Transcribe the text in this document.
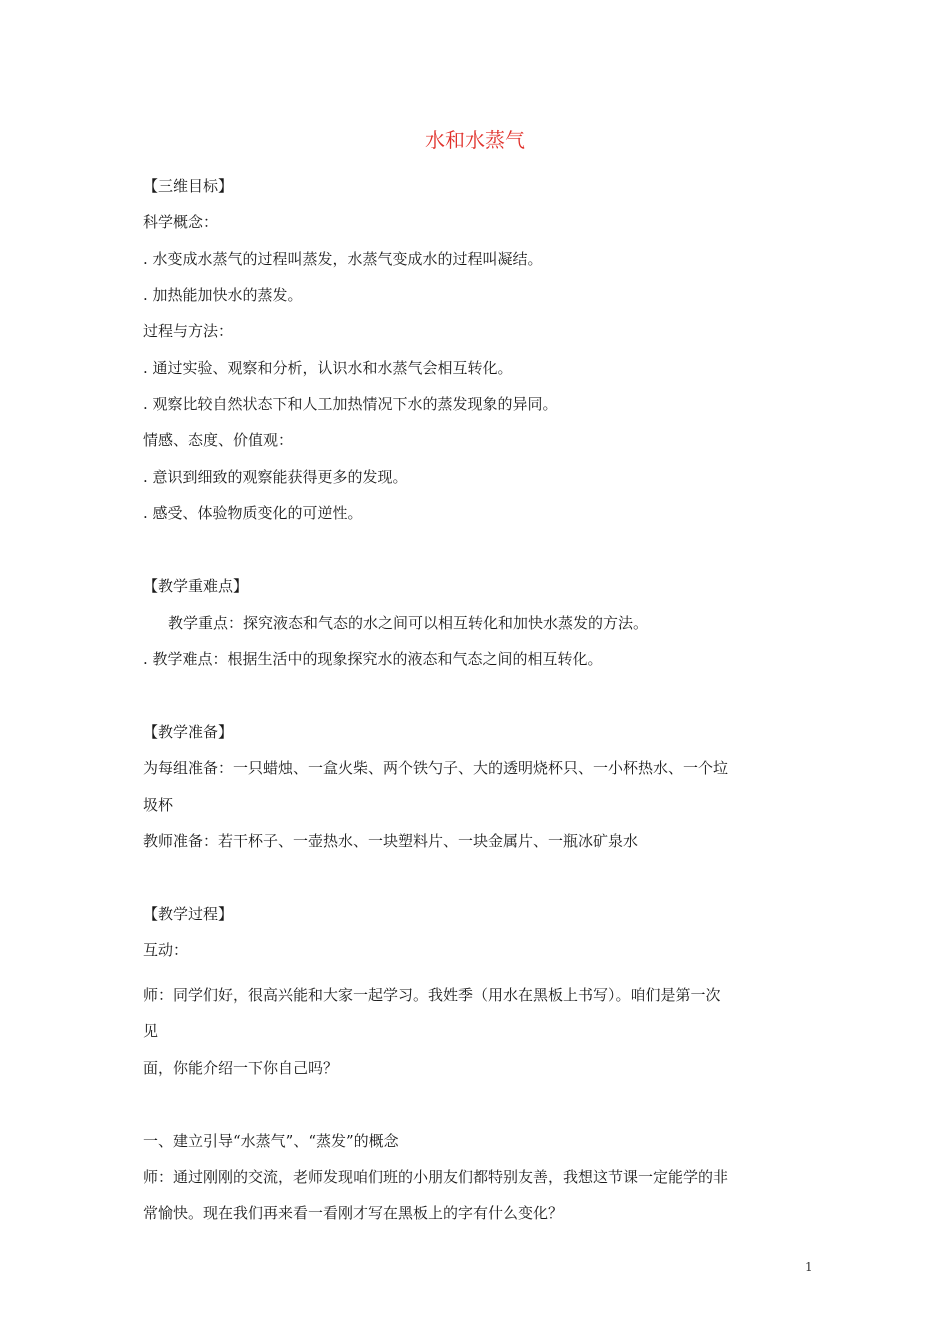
水和水蒸气
【三维目标】
科学概念：
. 水变成水蒸气的过程叫蒸发，水蒸气变成水的过程叫凝结。
. 加热能加快水的蒸发。
过程与方法：
. 通过实验、观察和分析，认识水和水蒸气会相互转化。
. 观察比较自然状态下和人工加热情况下水的蒸发现象的异同。
情感、态度、价值观：
. 意识到细致的观察能获得更多的发现。
. 感受、体验物质变化的可逆性。
【教学重难点】
教学重点：探究液态和气态的水之间可以相互转化和加快水蒸发的方法。
. 教学难点：根据生活中的现象探究水的液态和气态之间的相互转化。
【教学准备】
为每组准备：一只蜡烛、一盒火柴、两个铁勺子、大的透明烧杯只、一小杯热水、一个垃
圾杯
教师准备：若干杯子、一壶热水、一块塑料片、一块金属片、一瓶冰矿泉水
【教学过程】
互动：
师：同学们好，很高兴能和大家一起学习。我姓季（用水在黑板上书写）。咱们是第一次
见
面，你能介绍一下你自己吗？
一、建立引导“水蒸气”、“蒸发”的概念
师：通过刚刚的交流，老师发现咱们班的小朋友们都特别友善，我想这节课一定能学的非
常愉快。现在我们再来看一看刚才写在黑板上的字有什么变化？
1
